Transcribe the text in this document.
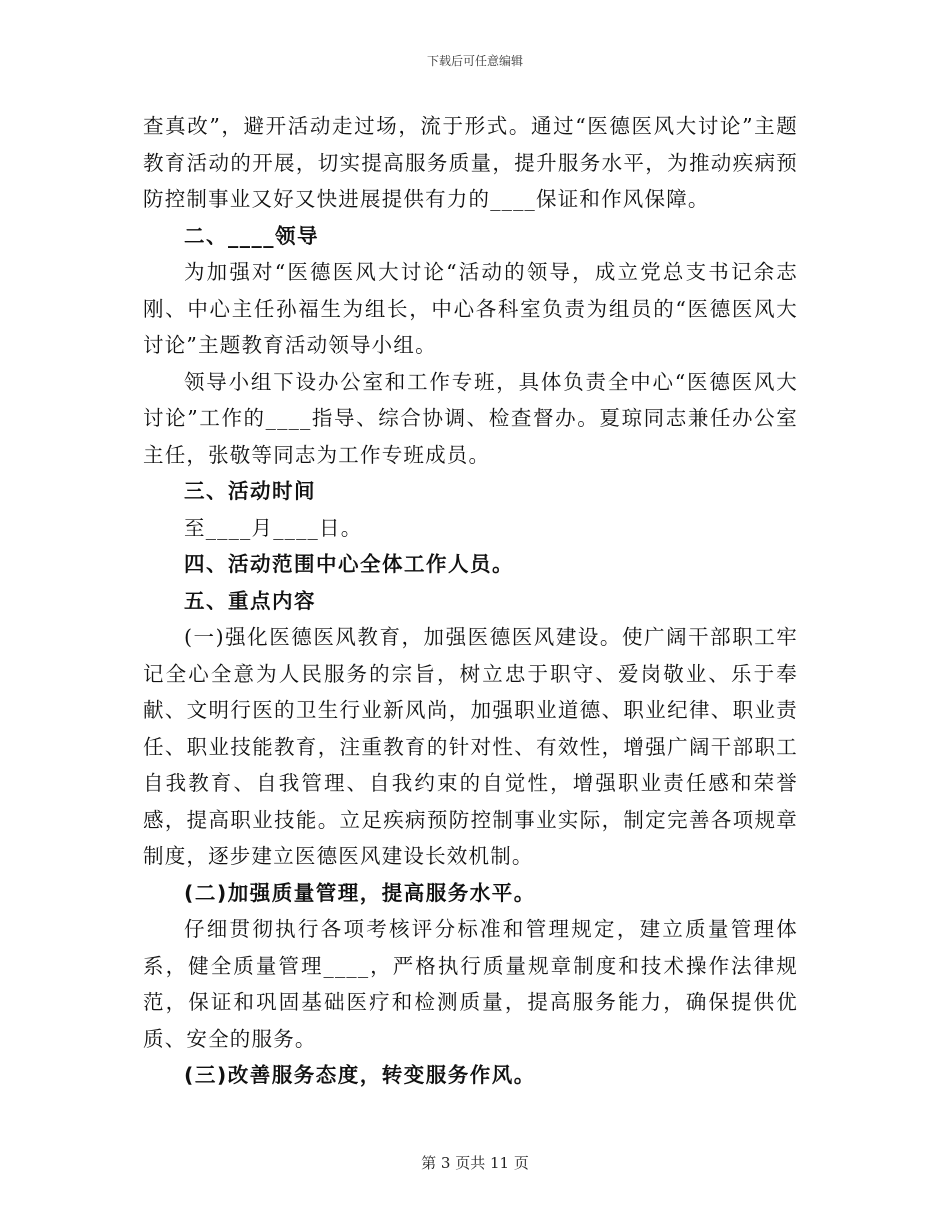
下载后可任意编辑

查真改”，避开活动走过场，流于形式。通过“医德医风大讨论”主题教育活动的开展，切实提高服务质量，提升服务水平，为推动疾病预防控制事业又好又快进展提供有力的____保证和作风保障。

二、____领导

为加强对“医德医风大讨论“活动的领导，成立党总支书记余志刚、中心主任孙福生为组长，中心各科室负责为组员的“医德医风大讨论”主题教育活动领导小组。

领导小组下设办公室和工作专班，具体负责全中心“医德医风大讨论”工作的____指导、综合协调、检查督办。夏琼同志兼任办公室主任，张敬等同志为工作专班成员。

三、活动时间

至____月____日。

四、活动范围中心全体工作人员。

五、重点内容

(一)强化医德医风教育，加强医德医风建设。使广阔干部职工牢记全心全意为人民服务的宗旨，树立忠于职守、爱岗敬业、乐于奉献、文明行医的卫生行业新风尚，加强职业道德、职业纪律、职业责任、职业技能教育，注重教育的针对性、有效性，增强广阔干部职工自我教育、自我管理、自我约束的自觉性，增强职业责任感和荣誉感，提高职业技能。立足疾病预防控制事业实际，制定完善各项规章制度，逐步建立医德医风建设长效机制。

(二)加强质量管理，提高服务水平。

仔细贯彻执行各项考核评分标准和管理规定，建立质量管理体系，健全质量管理____，严格执行质量规章制度和技术操作法律规范，保证和巩固基础医疗和检测质量，提高服务能力，确保提供优质、安全的服务。

(三)改善服务态度，转变服务作风。

第 3 页共 11 页
